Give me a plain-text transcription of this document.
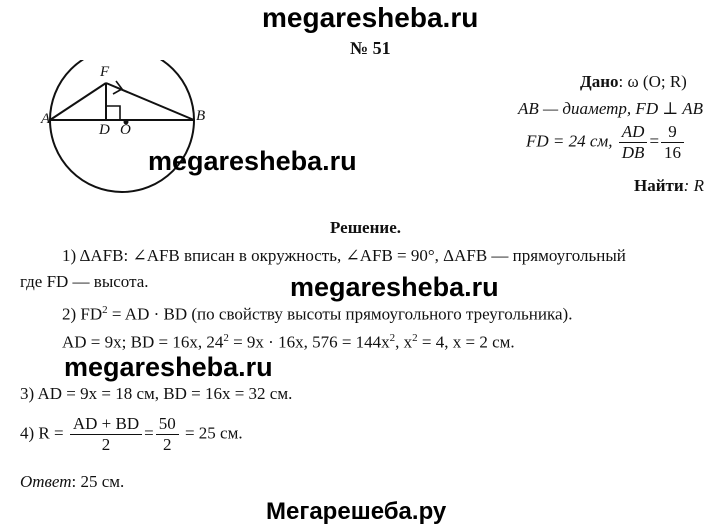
megaresheba.ru
№ 51
F
A	B
D O
Дано: ω (O; R)
AB — диаметр, FD ⊥ AB
FD = 24 см, $\frac{AD}{DB} = \frac{9}{16}$
Найти: R
megaresheba.ru
Решение.
1) ΔAFB: ∠AFB вписан в окружность, ∠AFB = 90°, ΔAFB — прямоугольный
где FD — высота.	megaresheba.ru
2) $FD^2$ = AD · BD (по свойству высоты прямоугольного треугольника).
AD = 9x; BD = 16x, $24^2 = 9x \cdot 16x$, $576 = 144x^2$, $x^2 = 4$, x = 2 см.
megaresheba.ru
3) AD = 9x = 18 см, BD = 16x = 32 см.
4) $R = \frac{AD + BD}{2} = \frac{50}{2} = 25$ см.
Ответ: 25 см.
Мегарешеба.ру
